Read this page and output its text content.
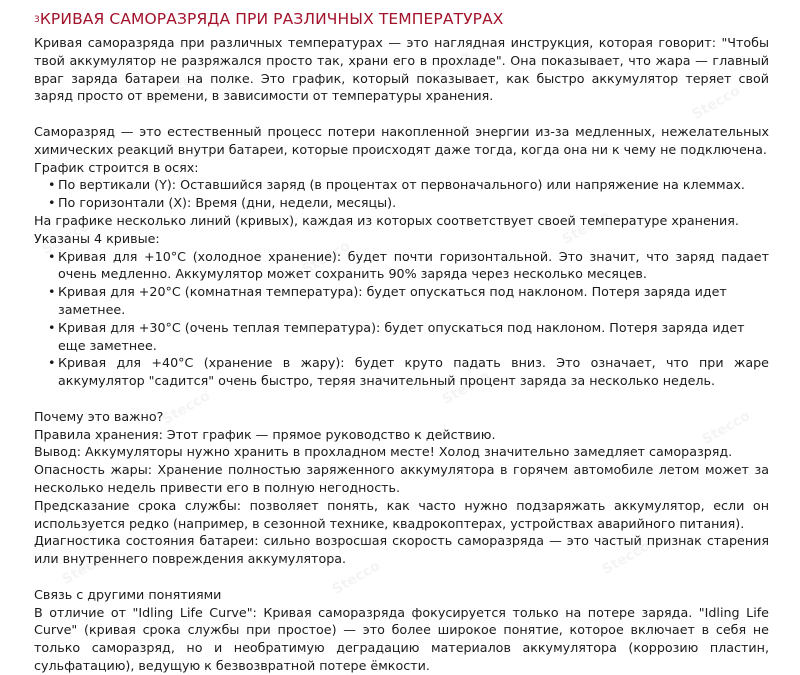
$^3$КРИВАЯ САМОРАЗРЯДА ПРИ РАЗЛИЧНЫХ ТЕМПЕРАТУРАХ

Кривая саморазряда при различных температурах — это наглядная инструкция, которая говорит: "Чтобы твой аккумулятор не разряжался просто так, храни его в прохладе". Она показывает, что жара — главный враг заряда батареи на полке. Это график, который показывает, как быстро аккумулятор теряет свой заряд просто от времени, в зависимости от температуры хранения.

Саморазряд — это естественный процесс потери накопленной энергии из-за медленных, нежелательных химических реакций внутри батареи, которые происходят даже тогда, когда она ни к чему не подключена.

График строится в осях:

• По вертикали (Y): Оставшийся заряд (в процентах от первоначального) или напряжение на клеммах.
• По горизонтали (X): Время (дни, недели, месяцы).

На графике несколько линий (кривых), каждая из которых соответствует своей температуре хранения.

Указаны 4 кривые:

• Кривая для +10°C (холодное хранение): будет почти горизонтальной. Это значит, что заряд падает очень медленно. Аккумулятор может сохранить 90% заряда через несколько месяцев.
• Кривая для +20°C (комнатная температура): будет опускаться под наклоном. Потеря заряда идет заметнее.
• Кривая для +30°C (очень теплая температура): будет опускаться под наклоном. Потеря заряда идет еще заметнее.
• Кривая для +40°C (хранение в жару): будет круто падать вниз. Это означает, что при жаре аккумулятор "садится" очень быстро, теряя значительный процент заряда за несколько недель.

Почему это важно?

Правила хранения: Этот график — прямое руководство к действию.

Вывод: Аккумуляторы нужно хранить в прохладном месте! Холод значительно замедляет саморазряд.

Опасность жары: Хранение полностью заряженного аккумулятора в горячем автомобиле летом может за несколько недель привести его в полную негодность.

Предсказание срока службы: позволяет понять, как часто нужно подзаряжать аккумулятор, если он используется редко (например, в сезонной технике, квадрокоптерах, устройствах аварийного питания).

Диагностика состояния батареи: сильно возросшая скорость саморазряда — это частый признак старения или внутреннего повреждения аккумулятора.

Связь с другими понятиями

В отличие от "Idling Life Curve": Кривая саморазряда фокусируется только на потере заряда. "Idling Life Curve" (кривая срока службы при простое) — это более широкое понятие, которое включает в себя не только саморазряд, но и необратимую деградацию материалов аккумулятора (коррозию пластин, сульфатацию), ведущую к безвозвратной потере ёмкости.
